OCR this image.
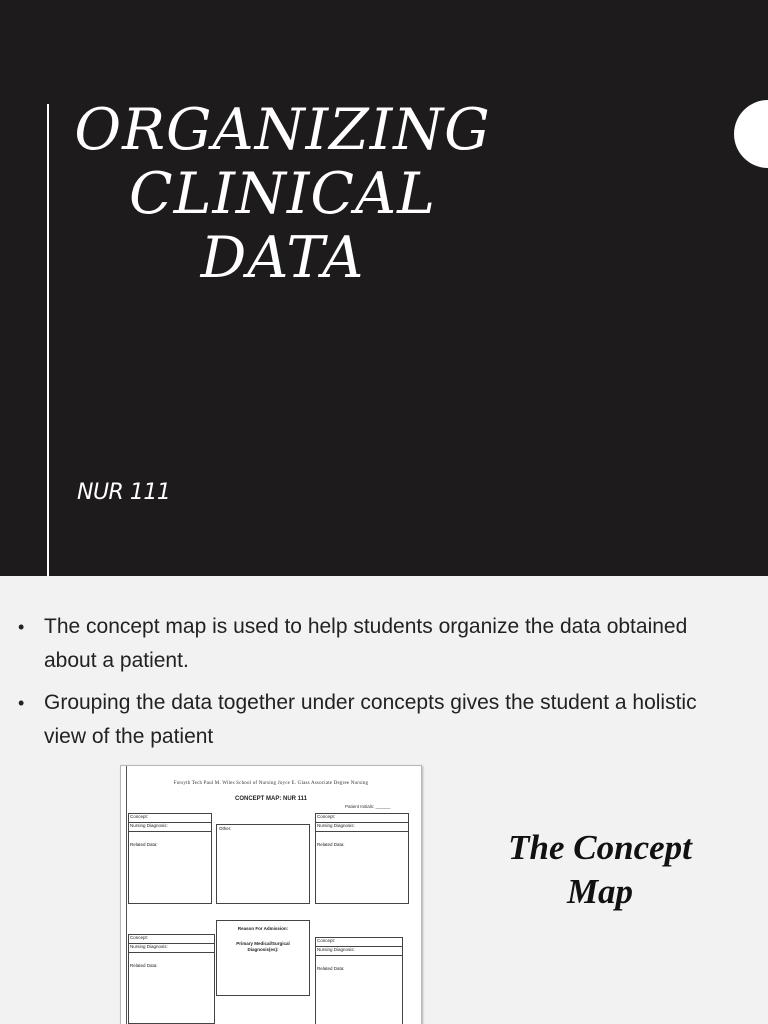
ORGANIZING
CLINICAL
DATA
NUR 111
• The concept map is used to help students organize the data obtained about a patient.
• Grouping the data together under concepts gives the student a holistic view of the patient
The Concept
Map
Forsyth Tech Paul M. Wiles School of Nursing Joyce E. Glass Associate Degree Nursing
CONCEPT MAP: NUR 111
Patient Initials: ______
Concept:
Nursing Diagnosis:
Related Data:
Other:
Concept:
Nursing Diagnosis:
Related Data:
Concept:
Nursing Diagnosis:
Related Data:
Reason For Admission:
Primary Medical/Surgical Diagnosis(es):
Concept:
Nursing Diagnosis:
Related Data:
